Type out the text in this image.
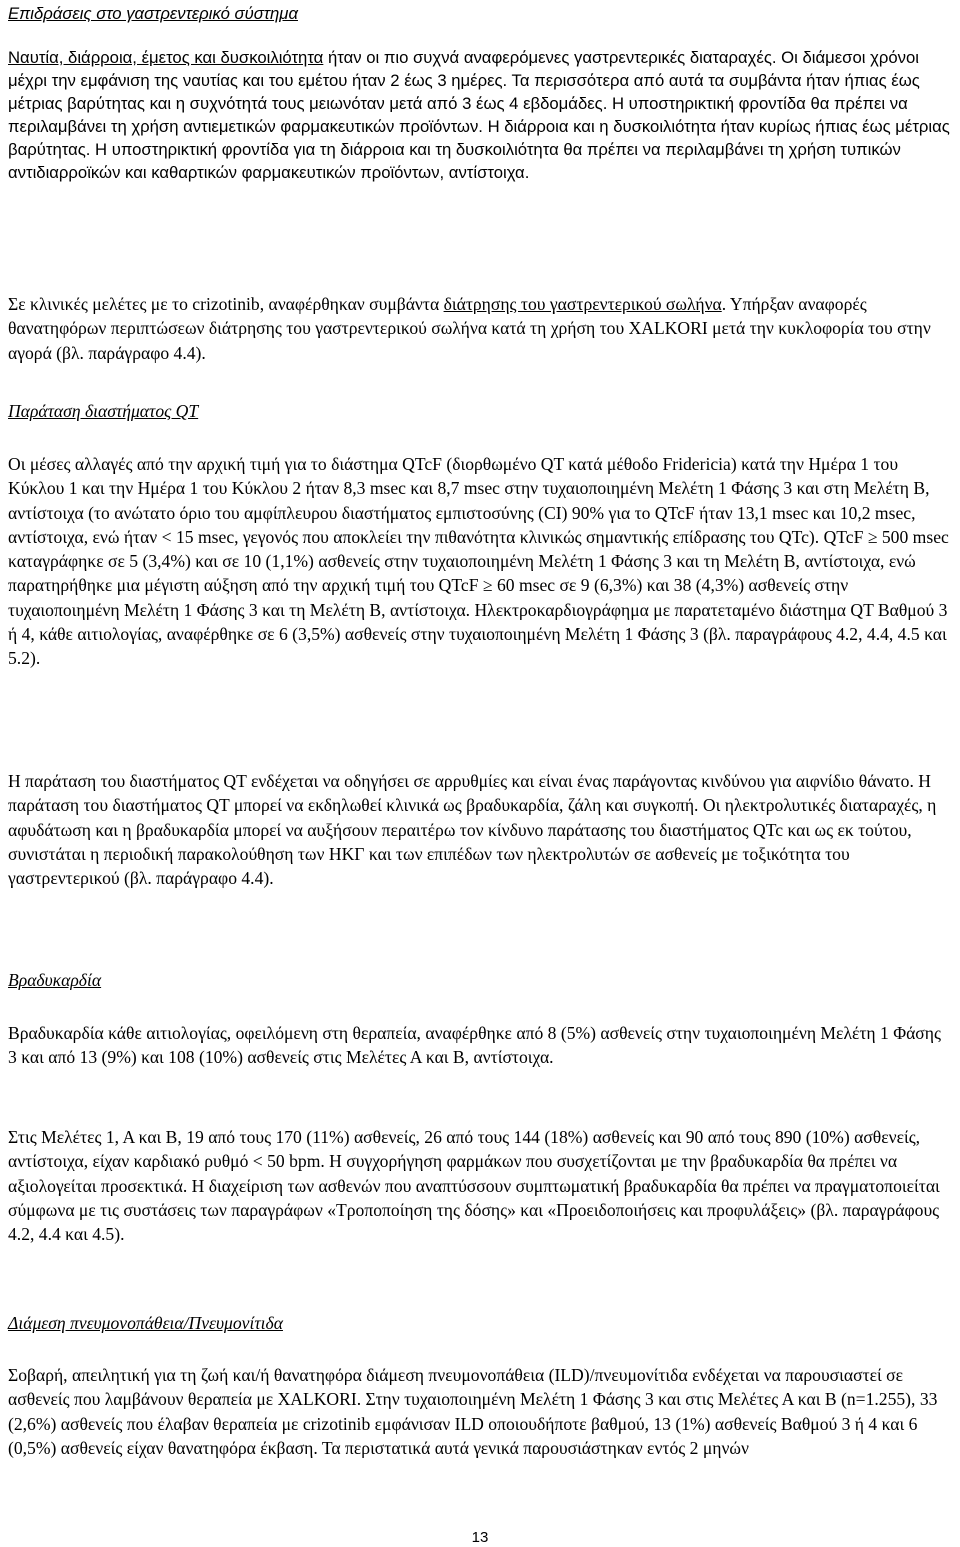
Επιδράσεις στο γαστρεντερικό σύστημα

Ναυτία, διάρροια, έμετος και δυσκοιλιότητα ήταν οι πιο συχνά αναφερόμενες γαστρεντερικές διαταραχές. Οι διάμεσοι χρόνοι μέχρι την εμφάνιση της ναυτίας και του εμέτου ήταν 2 έως 3 ημέρες. Τα περισσότερα από αυτά τα συμβάντα ήταν ήπιας έως μέτριας βαρύτητας και η συχνότητά τους μειωνόταν μετά από 3 έως 4 εβδομάδες. Η υποστηρικτική φροντίδα θα πρέπει να περιλαμβάνει τη χρήση αντιεμετικών φαρμακευτικών προϊόντων. Η διάρροια και η δυσκοιλιότητα ήταν κυρίως ήπιας έως μέτριας βαρύτητας. Η υποστηρικτική φροντίδα για τη διάρροια και τη δυσκοιλιότητα θα πρέπει να περιλαμβάνει τη χρήση τυπικών αντιδιαρροϊκών και καθαρτικών φαρμακευτικών προϊόντων, αντίστοιχα.

Σε κλινικές μελέτες με το crizotinib, αναφέρθηκαν συμβάντα διάτρησης του γαστρεντερικού σωλήνα. Υπήρξαν αναφορές θανατηφόρων περιπτώσεων διάτρησης του γαστρεντερικού σωλήνα κατά τη χρήση του XALKORI μετά την κυκλοφορία του στην αγορά (βλ. παράγραφο 4.4).

Παράταση διαστήματος QT

Οι μέσες αλλαγές από την αρχική τιμή για το διάστημα QTcF (διορθωμένο QT κατά μέθοδο Fridericia) κατά την Ημέρα 1 του Κύκλου 1 και την Ημέρα 1 του Κύκλου 2 ήταν 8,3 msec και 8,7 msec στην τυχαιοποιημένη Μελέτη 1 Φάσης 3 και στη Μελέτη Β, αντίστοιχα (το ανώτατο όριο του αμφίπλευρου διαστήματος εμπιστοσύνης (CI) 90% για το QTcF ήταν 13,1 msec και 10,2 msec, αντίστοιχα, ενώ ήταν < 15 msec, γεγονός που αποκλείει την πιθανότητα κλινικώς σημαντικής επίδρασης του QTc). QTcF ≥ 500 msec καταγράφηκε σε 5 (3,4%) και σε 10 (1,1%) ασθενείς στην τυχαιοποιημένη Μελέτη 1 Φάσης 3 και τη Μελέτη Β, αντίστοιχα, ενώ παρατηρήθηκε μια μέγιστη αύξηση από την αρχική τιμή του QTcF ≥ 60 msec σε 9 (6,3%) και 38 (4,3%) ασθενείς στην τυχαιοποιημένη Μελέτη 1 Φάσης 3 και τη Μελέτη Β, αντίστοιχα. Ηλεκτροκαρδιογράφημα με παρατεταμένο διάστημα QT Βαθμού 3 ή 4, κάθε αιτιολογίας, αναφέρθηκε σε 6 (3,5%) ασθενείς στην τυχαιοποιημένη Μελέτη 1 Φάσης 3 (βλ. παραγράφους 4.2, 4.4, 4.5 και 5.2).

Η παράταση του διαστήματος QT ενδέχεται να οδηγήσει σε αρρυθμίες και είναι ένας παράγοντας κινδύνου για αιφνίδιο θάνατο. Η παράταση του διαστήματος QT μπορεί να εκδηλωθεί κλινικά ως βραδυκαρδία, ζάλη και συγκοπή. Οι ηλεκτρολυτικές διαταραχές, η αφυδάτωση και η βραδυκαρδία μπορεί να αυξήσουν περαιτέρω τον κίνδυνο παράτασης του διαστήματος QTc και ως εκ τούτου, συνιστάται η περιοδική παρακολούθηση των ΗΚΓ και των επιπέδων των ηλεκτρολυτών σε ασθενείς με τοξικότητα του γαστρεντερικού (βλ. παράγραφο 4.4).

Βραδυκαρδία

Βραδυκαρδία κάθε αιτιολογίας, οφειλόμενη στη θεραπεία, αναφέρθηκε από 8 (5%) ασθενείς στην τυχαιοποιημένη Μελέτη 1 Φάσης 3 και από 13 (9%) και 108 (10%) ασθενείς στις Μελέτες Α και Β, αντίστοιχα.

Στις Μελέτες 1, Α και Β, 19 από τους 170 (11%) ασθενείς, 26 από τους 144 (18%) ασθενείς και 90 από τους 890 (10%) ασθενείς, αντίστοιχα, είχαν καρδιακό ρυθμό < 50 bpm. Η συγχορήγηση φαρμάκων που συσχετίζονται με την βραδυκαρδία θα πρέπει να αξιολογείται προσεκτικά. Η διαχείριση των ασθενών που αναπτύσσουν συμπτωματική βραδυκαρδία θα πρέπει να πραγματοποιείται σύμφωνα με τις συστάσεις των παραγράφων «Τροποποίηση της δόσης» και «Προειδοποιήσεις και προφυλάξεις» (βλ. παραγράφους 4.2, 4.4 και 4.5).

Διάμεση πνευμονοπάθεια/Πνευμονίτιδα

Σοβαρή, απειλητική για τη ζωή και/ή θανατηφόρα διάμεση πνευμονοπάθεια (ILD)/πνευμονίτιδα ενδέχεται να παρουσιαστεί σε ασθενείς που λαμβάνουν θεραπεία με XALKORI. Στην τυχαιοποιημένη Μελέτη 1 Φάσης 3 και στις Μελέτες Α και Β (n=1.255), 33 (2,6%) ασθενείς που έλαβαν θεραπεία με crizotinib εμφάνισαν ILD οποιουδήποτε βαθμού, 13 (1%) ασθενείς Βαθμού 3 ή 4 και 6 (0,5%) ασθενείς είχαν θανατηφόρα έκβαση. Τα περιστατικά αυτά γενικά παρουσιάστηκαν εντός 2 μηνών

13
